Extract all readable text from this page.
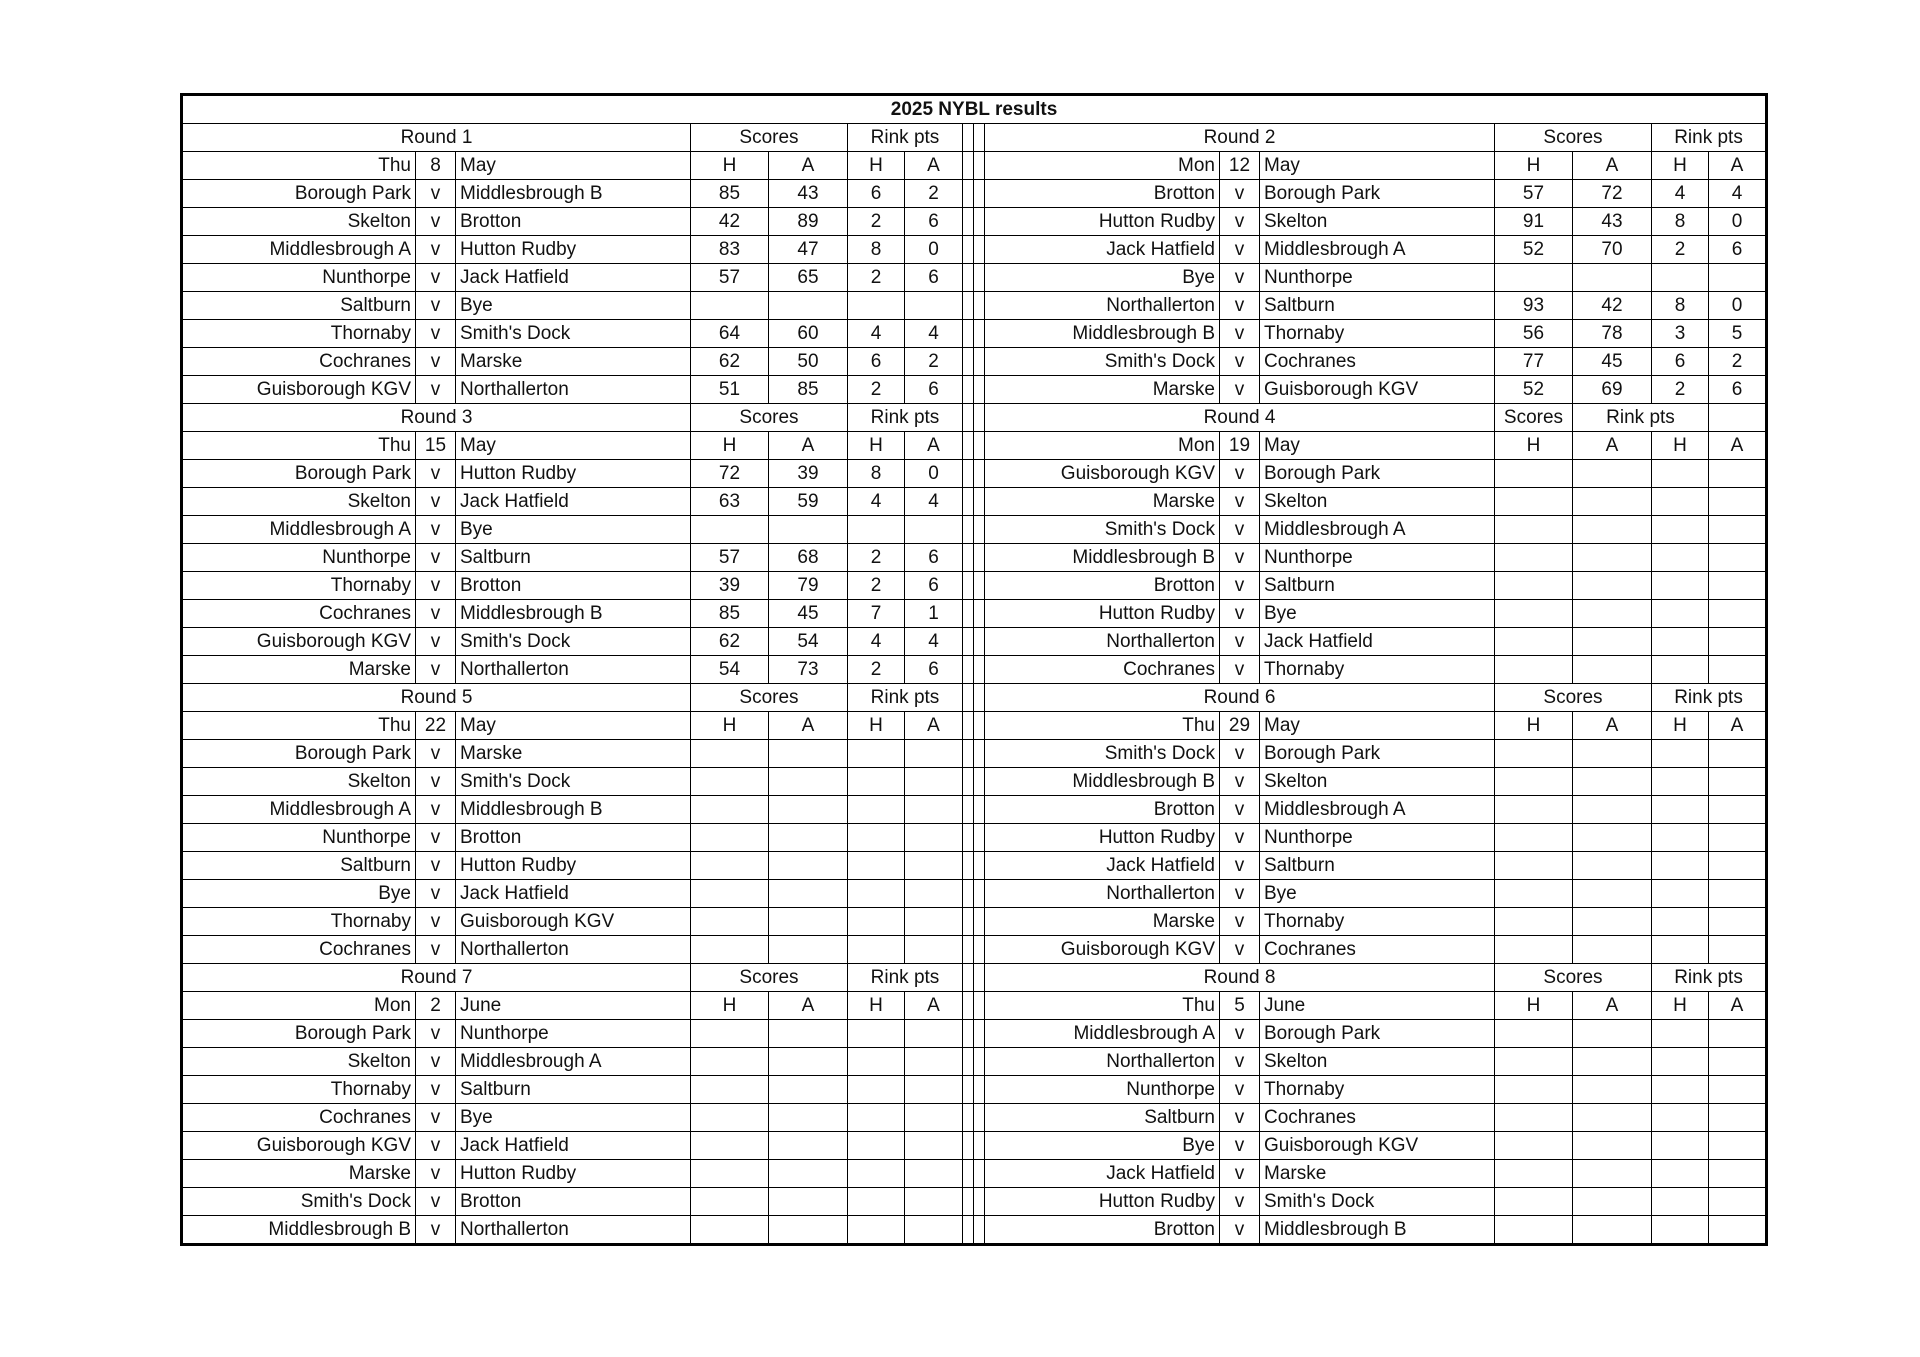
2025 NYBL results															
Round 1			Scores		Rink pts				Round 2			Scores		Rink pts	
Thu	8	May	H	A	H	A			Mon	12	May	H	A	H	A
Borough Park	v	Middlesbrough B	85	43	6	2			Brotton	v	Borough Park	57	72	4	4
Skelton	v	Brotton	42	89	2	6			Hutton Rudby	v	Skelton	91	43	8	0
Middlesbrough A	v	Hutton Rudby	83	47	8	0			Jack Hatfield	v	Middlesbrough A	52	70	2	6
Nunthorpe	v	Jack Hatfield	57	65	2	6			Bye	v	Nunthorpe				
Saltburn	v	Bye							Northallerton	v	Saltburn	93	42	8	0
Thornaby	v	Smith's Dock	64	60	4	4			Middlesbrough B	v	Thornaby	56	78	3	5
Cochranes	v	Marske	62	50	6	2			Smith's Dock	v	Cochranes	77	45	6	2
Guisborough KGV	v	Northallerton	51	85	2	6			Marske	v	Guisborough KGV	52	69	2	6
Round 3			Scores		Rink pts				Round 4			Scores	Rink pts		
Thu	15	May	H	A	H	A			Mon	19	May	H	A	H	A
Borough Park	v	Hutton Rudby	72	39	8	0			Guisborough KGV	v	Borough Park				
Skelton	v	Jack Hatfield	63	59	4	4			Marske	v	Skelton				
Middlesbrough A	v	Bye							Smith's Dock	v	Middlesbrough A				
Nunthorpe	v	Saltburn	57	68	2	6			Middlesbrough B	v	Nunthorpe				
Thornaby	v	Brotton	39	79	2	6			Brotton	v	Saltburn				
Cochranes	v	Middlesbrough B	85	45	7	1			Hutton Rudby	v	Bye				
Guisborough KGV	v	Smith's Dock	62	54	4	4			Northallerton	v	Jack Hatfield				
Marske	v	Northallerton	54	73	2	6			Cochranes	v	Thornaby				
Round 5			Scores		Rink pts				Round 6			Scores		Rink pts	
Thu	22	May	H	A	H	A			Thu	29	May	H	A	H	A
Borough Park	v	Marske							Smith's Dock	v	Borough Park				
Skelton	v	Smith's Dock							Middlesbrough B	v	Skelton				
Middlesbrough A	v	Middlesbrough B							Brotton	v	Middlesbrough A				
Nunthorpe	v	Brotton							Hutton Rudby	v	Nunthorpe				
Saltburn	v	Hutton Rudby							Jack Hatfield	v	Saltburn				
Bye	v	Jack Hatfield							Northallerton	v	Bye				
Thornaby	v	Guisborough KGV							Marske	v	Thornaby				
Cochranes	v	Northallerton							Guisborough KGV	v	Cochranes				
Round 7			Scores		Rink pts				Round 8			Scores		Rink pts	
Mon	2	June	H	A	H	A			Thu	5	June	H	A	H	A
Borough Park	v	Nunthorpe							Middlesbrough A	v	Borough Park				
Skelton	v	Middlesbrough A							Northallerton	v	Skelton				
Thornaby	v	Saltburn							Nunthorpe	v	Thornaby				
Cochranes	v	Bye							Saltburn	v	Cochranes				
Guisborough KGV	v	Jack Hatfield							Bye	v	Guisborough KGV				
Marske	v	Hutton Rudby							Jack Hatfield	v	Marske				
Smith's Dock	v	Brotton							Hutton Rudby	v	Smith's Dock				
Middlesbrough B	v	Northallerton							Brotton	v	Middlesbrough B				
